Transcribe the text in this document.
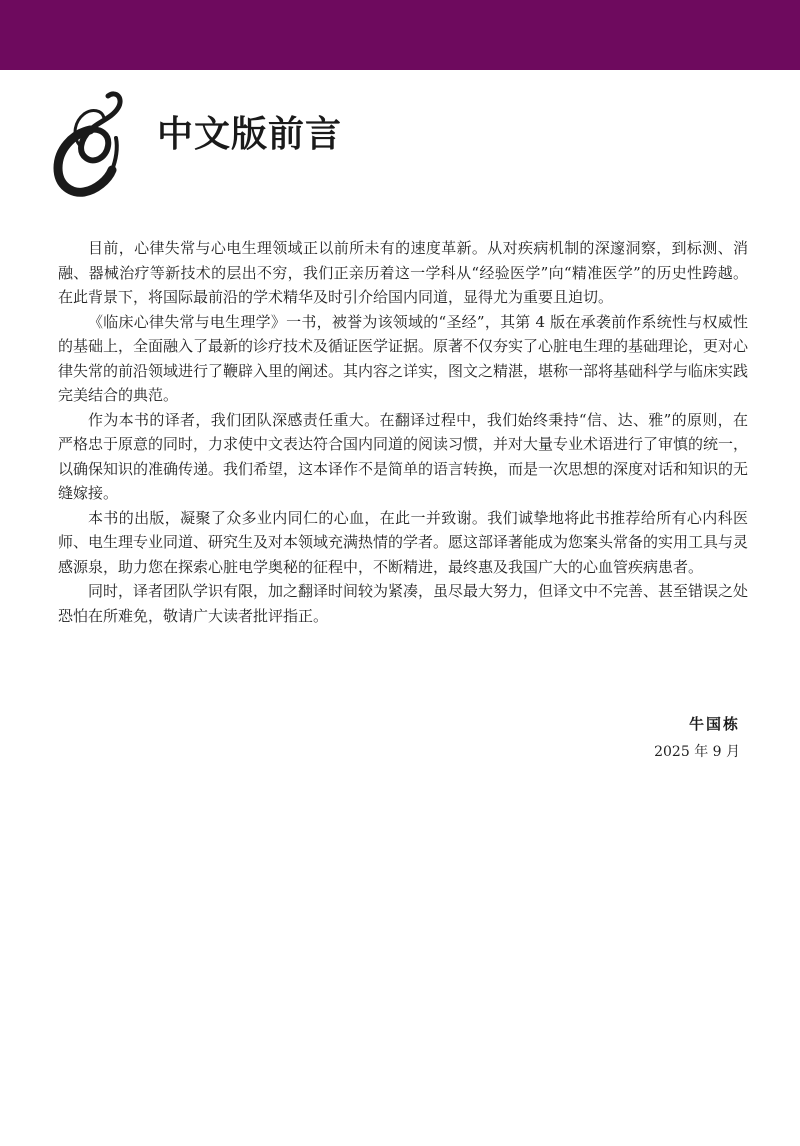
中文版前言

目前，心律失常与心电生理领域正以前所未有的速度革新。从对疾病机制的深邃洞察，到标测、消融、器械治疗等新技术的层出不穷，我们正亲历着这一学科从“经验医学”向“精准医学”的历史性跨越。在此背景下，将国际最前沿的学术精华及时引介给国内同道，显得尤为重要且迫切。

《临床心律失常与电生理学》一书，被誉为该领域的“圣经”，其第 4 版在承袭前作系统性与权威性的基础上，全面融入了最新的诊疗技术及循证医学证据。原著不仅夯实了心脏电生理的基础理论，更对心律失常的前沿领域进行了鞭辟入里的阐述。其内容之详实，图文之精湛，堪称一部将基础科学与临床实践完美结合的典范。

作为本书的译者，我们团队深感责任重大。在翻译过程中，我们始终秉持“信、达、雅”的原则，在严格忠于原意的同时，力求使中文表达符合国内同道的阅读习惯，并对大量专业术语进行了审慎的统一，以确保知识的准确传递。我们希望，这本译作不是简单的语言转换，而是一次思想的深度对话和知识的无缝嫁接。

本书的出版，凝聚了众多业内同仁的心血，在此一并致谢。我们诚挚地将此书推荐给所有心内科医师、电生理专业同道、研究生及对本领域充满热情的学者。愿这部译著能成为您案头常备的实用工具与灵感源泉，助力您在探索心脏电学奥秘的征程中，不断精进，最终惠及我国广大的心血管疾病患者。

同时，译者团队学识有限，加之翻译时间较为紧凑，虽尽最大努力，但译文中不完善、甚至错误之处恐怕在所难免，敬请广大读者批评指正。

牛国栋
2025 年 9 月
